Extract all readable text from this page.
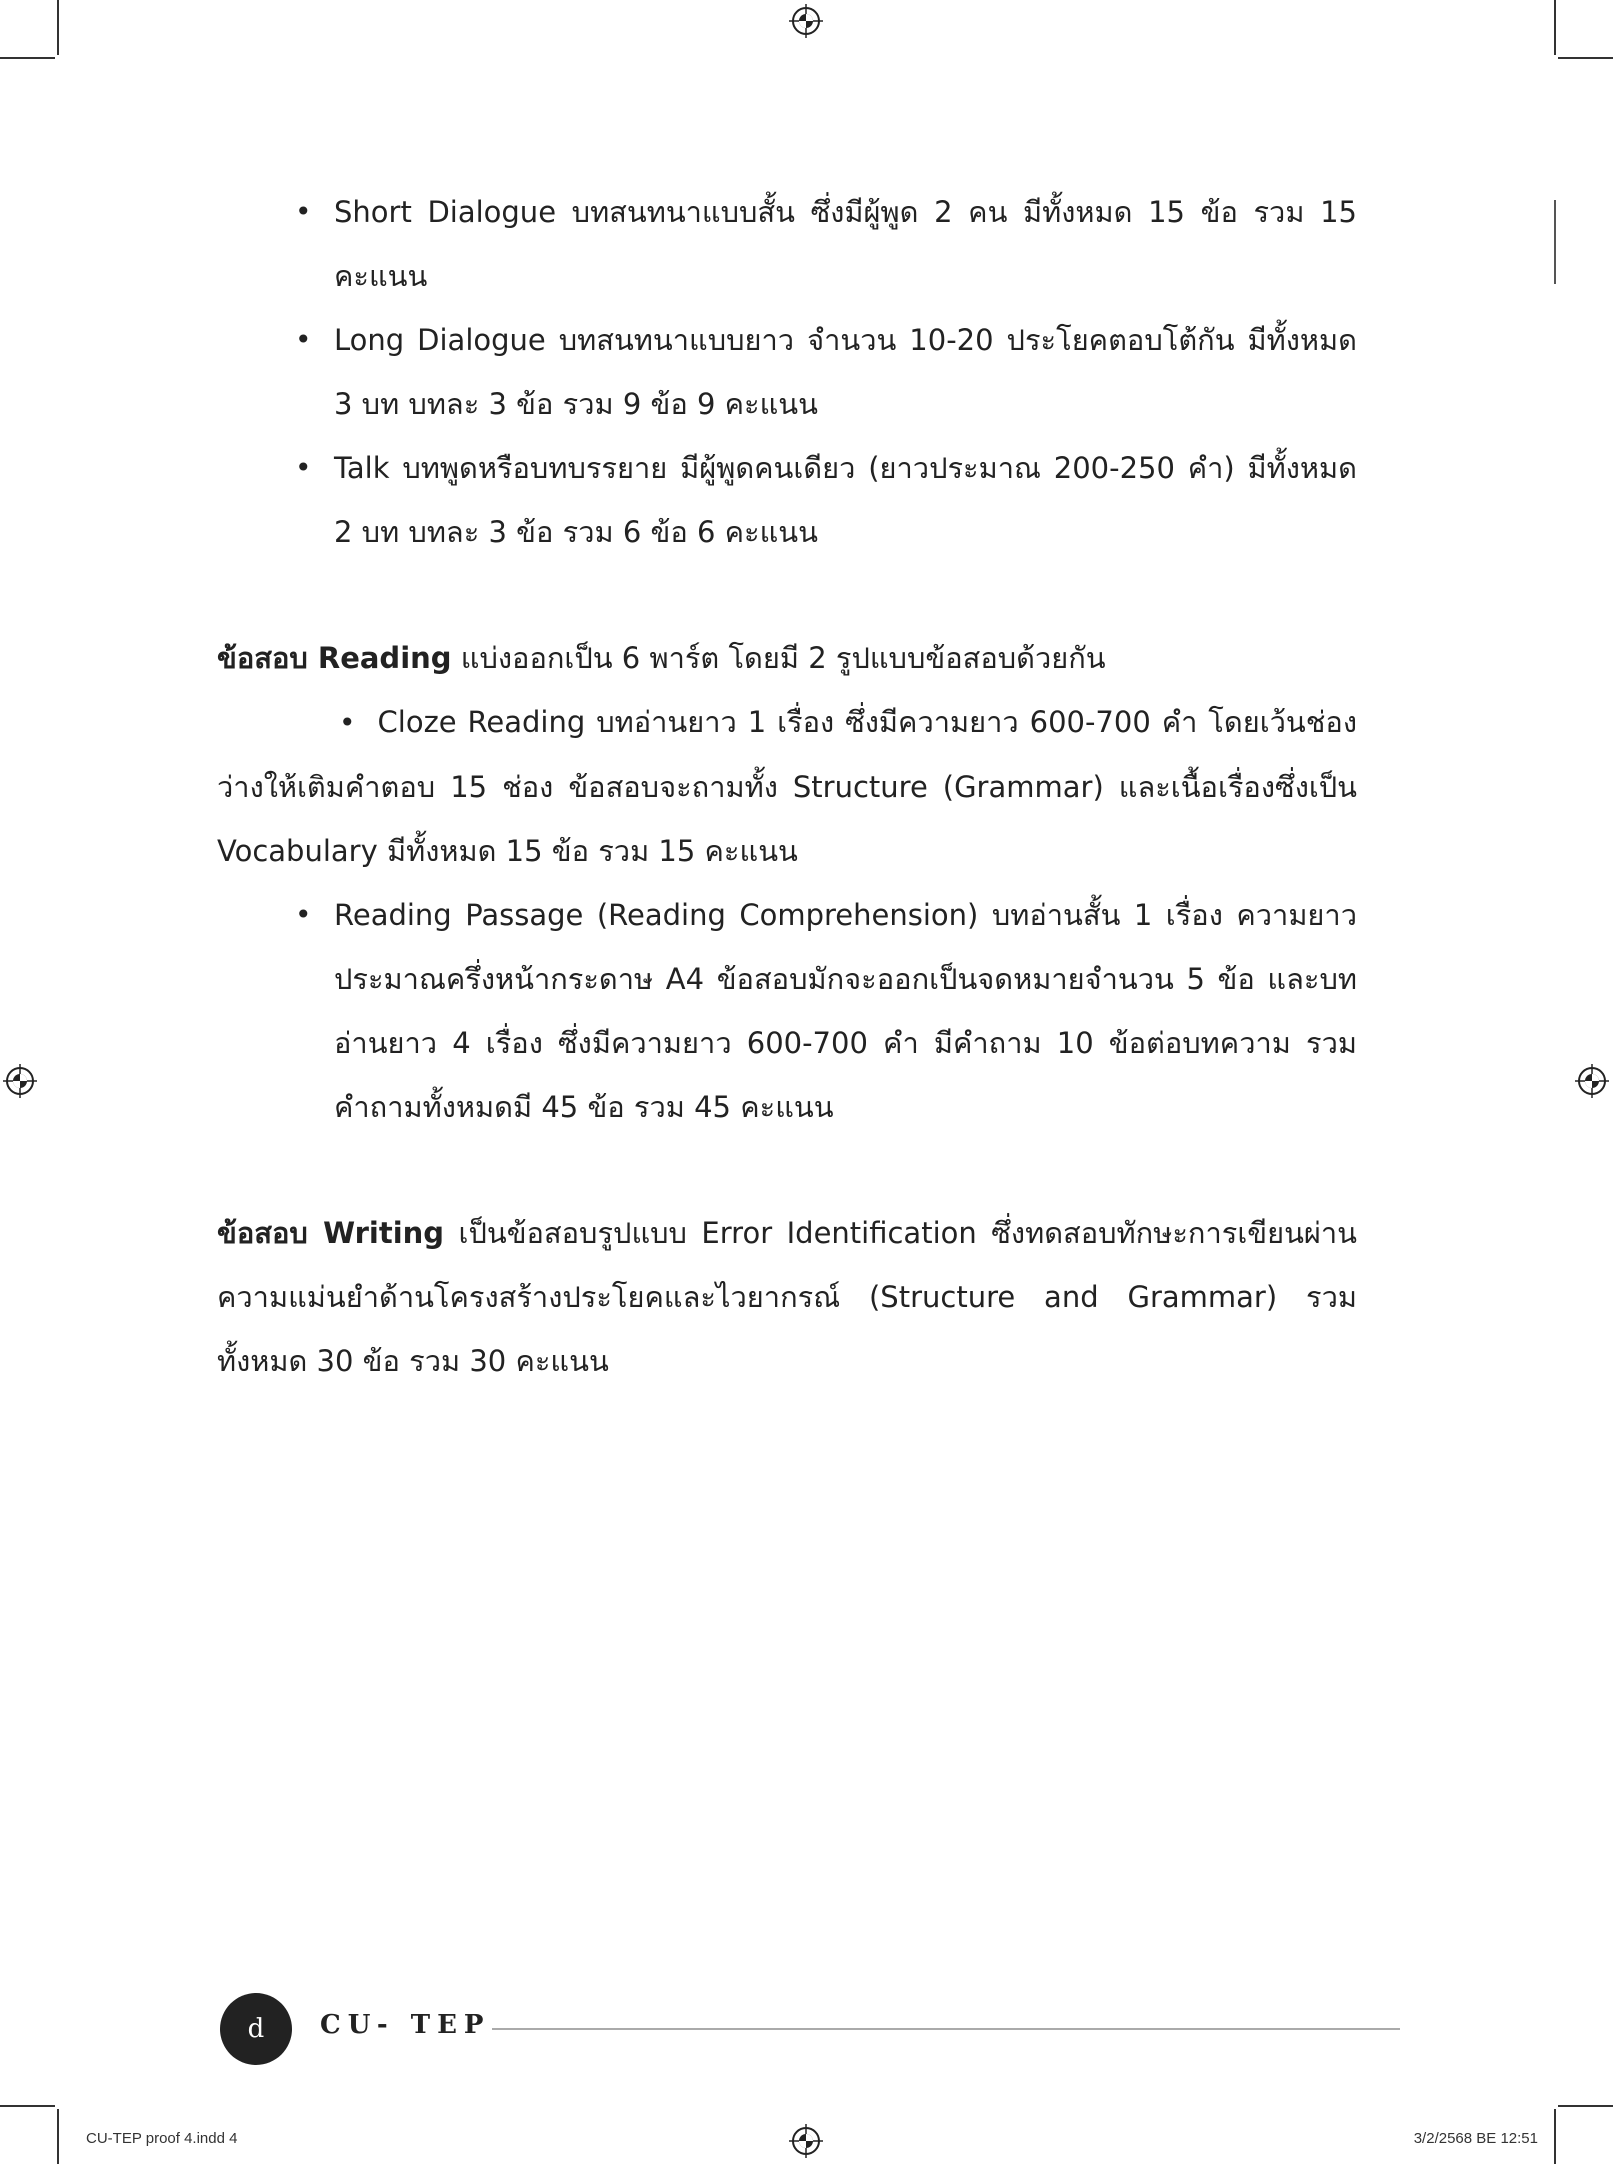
• Short Dialogue บทสนทนาแบบสั้น ซึ่งมีผู้พูด 2 คน มีทั้งหมด 15 ข้อ รวม 15 คะแนน
• Long Dialogue บทสนทนาแบบยาว จำนวน 10-20 ประโยคตอบโต้กัน มีทั้งหมด 3 บท บทละ 3 ข้อ รวม 9 ข้อ 9 คะแนน
• Talk บทพูดหรือบทบรรยาย มีผู้พูดคนเดียว (ยาวประมาณ 200-250 คำ) มีทั้งหมด 2 บท บทละ 3 ข้อ รวม 6 ข้อ 6 คะแนน
ข้อสอบ Reading แบ่งออกเป็น 6 พาร์ต โดยมี 2 รูปแบบข้อสอบด้วยกัน
• Cloze Reading บทอ่านยาว 1 เรื่อง ซึ่งมีความยาว 600-700 คำ โดยเว้นช่องว่างให้เติมคำตอบ 15 ช่อง ข้อสอบจะถามทั้ง Structure (Grammar) และเนื้อเรื่องซึ่งเป็น Vocabulary มีทั้งหมด 15 ข้อ รวม 15 คะแนน
• Reading Passage (Reading Comprehension) บทอ่านสั้น 1 เรื่อง ความยาวประมาณครึ่งหน้ากระดาษ A4 ข้อสอบมักจะออกเป็นจดหมายจำนวน 5 ข้อ และบทอ่านยาว 4 เรื่อง ซึ่งมีความยาว 600-700 คำ มีคำถาม 10 ข้อต่อบทความ รวมคำถามทั้งหมดมี 45 ข้อ รวม 45 คะแนน
ข้อสอบ Writing เป็นข้อสอบรูปแบบ Error Identification ซึ่งทดสอบทักษะการเขียนผ่านความแม่นยำด้านโครงสร้างประโยคและไวยากรณ์ (Structure and Grammar) รวมทั้งหมด 30 ข้อ รวม 30 คะแนน
d CU- TEP
CU-TEP proof 4.indd 4	3/2/2568 BE 12:51
